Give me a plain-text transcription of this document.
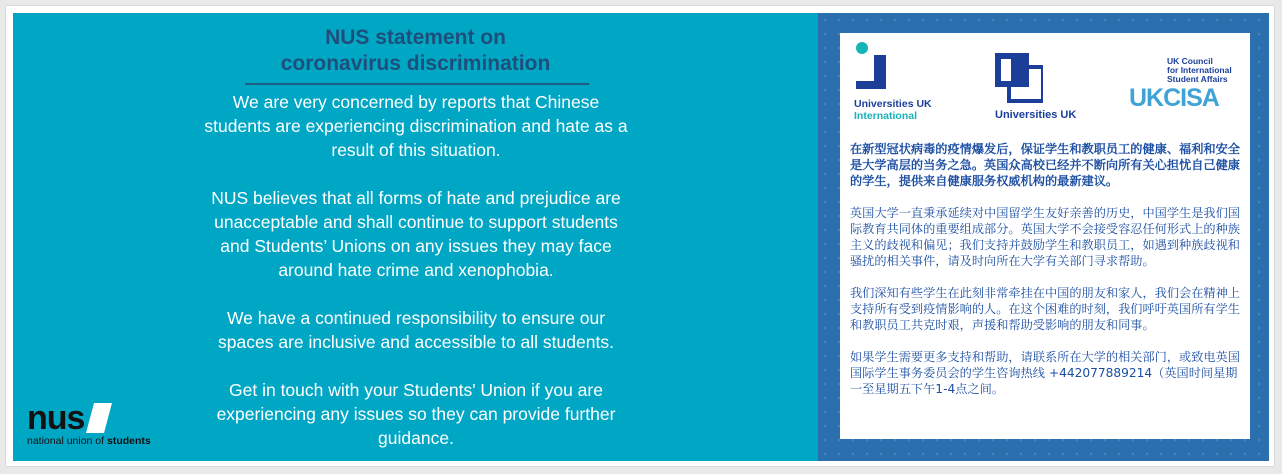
NUS statement on
coronavirus discrimination

We are very concerned by reports that Chinese students are experiencing discrimination and hate as a result of this situation.

NUS believes that all forms of hate and prejudice are unacceptable and shall continue to support students and Students’ Unions on any issues they may face around hate crime and xenophobia.

We have a continued responsibility to ensure our spaces are inclusive and accessible to all students.

Get in touch with your Students' Union if you are experiencing any issues so they can provide further guidance.

nus
national union of students
Universities UK
International	Universities UK
UK Council
for International
Student Affairs
UKCISA

在新型冠状病毒的疫情爆发后，保证学生和教职员工的健康、福利和安全是大学高层的当务之急。英国众高校已经并不断向所有关心担忧自己健康的学生，提供来自健康服务权威机构的最新建议。

英国大学一直秉承延续对中国留学生友好亲善的历史，中国学生是我们国际教育共同体的重要组成部分。英国大学不会接受容忍任何形式上的种族主义的歧视和偏见；我们支持并鼓励学生和教职员工，如遇到种族歧视和骚扰的相关事件，请及时向所在大学有关部门寻求帮助。

我们深知有些学生在此刻非常牵挂在中国的朋友和家人，我们会在精神上支持所有受到疫情影响的人。在这个困难的时刻，我们呼吁英国所有学生和教职员工共克时艰，声援和帮助受影响的朋友和同事。

如果学生需要更多支持和帮助，请联系所在大学的相关部门，或致电英国国际学生事务委员会的学生咨询热线 +442077889214（英国时间星期一至星期五下午1-4点之间。
